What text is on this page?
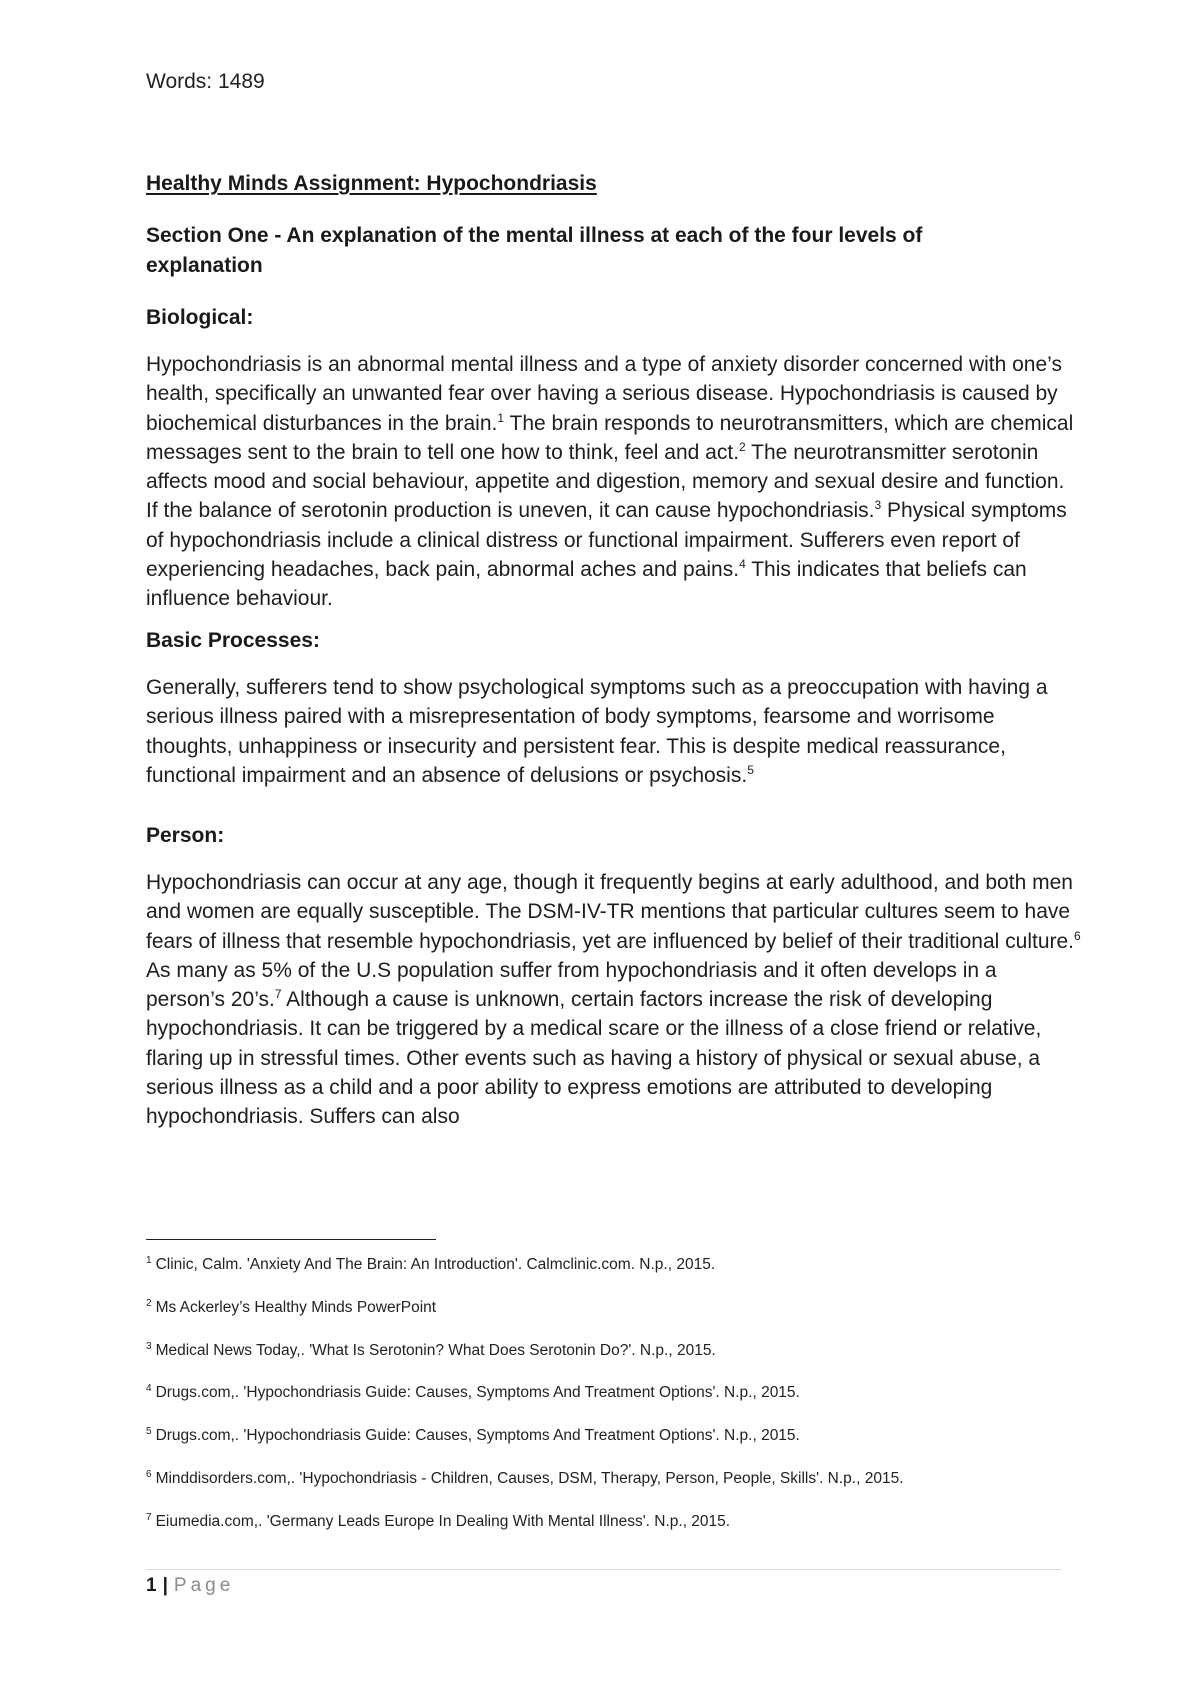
Words: 1489
Healthy Minds Assignment: Hypochondriasis
Section One - An explanation of the mental illness at each of the four levels of explanation
Biological:
Hypochondriasis is an abnormal mental illness and a type of anxiety disorder concerned with one’s health, specifically an unwanted fear over having a serious disease. Hypochondriasis is caused by biochemical disturbances in the brain.$^1$ The brain responds to neurotransmitters, which are chemical messages sent to the brain to tell one how to think, feel and act.$^2$ The neurotransmitter serotonin affects mood and social behaviour, appetite and digestion, memory and sexual desire and function. If the balance of serotonin production is uneven, it can cause hypochondriasis.$^3$ Physical symptoms of hypochondriasis include a clinical distress or functional impairment. Sufferers even report of experiencing headaches, back pain, abnormal aches and pains.$^4$ This indicates that beliefs can influence behaviour.
Basic Processes:
Generally, sufferers tend to show psychological symptoms such as a preoccupation with having a serious illness paired with a misrepresentation of body symptoms, fearsome and worrisome thoughts, unhappiness or insecurity and persistent fear. This is despite medical reassurance, functional impairment and an absence of delusions or psychosis.$^5$
Person:
Hypochondriasis can occur at any age, though it frequently begins at early adulthood, and both men and women are equally susceptible. The DSM-IV-TR mentions that particular cultures seem to have fears of illness that resemble hypochondriasis, yet are influenced by belief of their traditional culture.$^6$ As many as 5% of the U.S population suffer from hypochondriasis and it often develops in a person’s 20’s.$^7$ Although a cause is unknown, certain factors increase the risk of developing hypochondriasis. It can be triggered by a medical scare or the illness of a close friend or relative, flaring up in stressful times. Other events such as having a history of physical or sexual abuse, a serious illness as a child and a poor ability to express emotions are attributed to developing hypochondriasis. Suffers can also
$^1$ Clinic, Calm. 'Anxiety And The Brain: An Introduction'. Calmclinic.com. N.p., 2015.
$^2$ Ms Ackerley’s Healthy Minds PowerPoint
$^3$ Medical News Today,. 'What Is Serotonin? What Does Serotonin Do?'. N.p., 2015.
$^4$ Drugs.com,. 'Hypochondriasis Guide: Causes, Symptoms And Treatment Options'. N.p., 2015.
$^5$ Drugs.com,. 'Hypochondriasis Guide: Causes, Symptoms And Treatment Options'. N.p., 2015.
$^6$ Minddisorders.com,. 'Hypochondriasis - Children, Causes, DSM, Therapy, Person, People, Skills'. N.p., 2015.
$^7$ Eiumedia.com,. 'Germany Leads Europe In Dealing With Mental Illness'. N.p., 2015.
1 | Page
